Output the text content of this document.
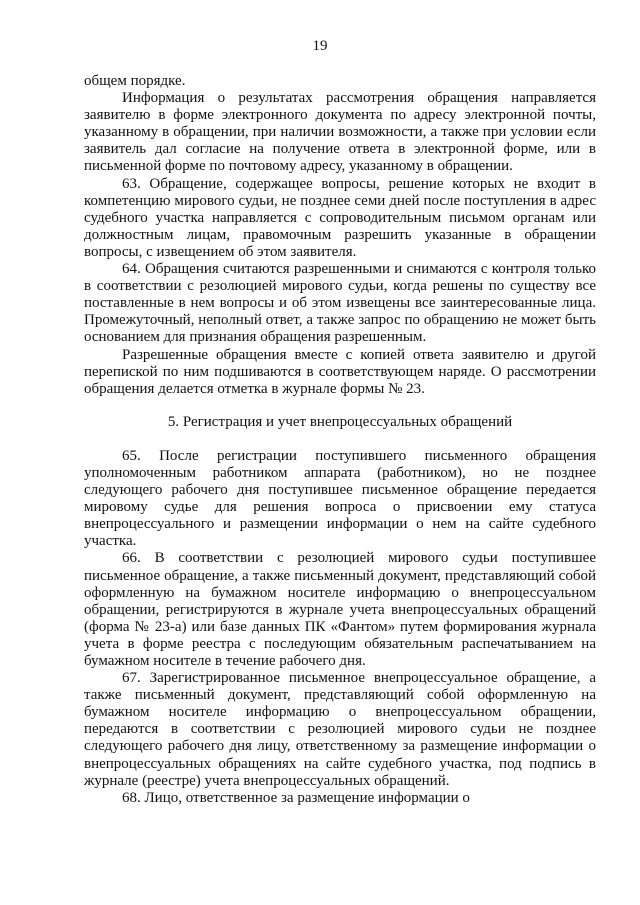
19

общем порядке.

Информация о результатах рассмотрения обращения направляется заявителю в форме электронного документа по адресу электронной почты, указанному в обращении, при наличии возможности, а также при условии если заявитель дал согласие на получение ответа в электронной форме, или в письменной форме по почтовому адресу, указанному в обращении.

63. Обращение, содержащее вопросы, решение которых не входит в компетенцию мирового судьи, не позднее семи дней после поступления в адрес судебного участка направляется с сопроводительным письмом органам или должностным лицам, правомочным разрешить указанные в обращении вопросы, с извещением об этом заявителя.

64. Обращения считаются разрешенными и снимаются с контроля только в соответствии с резолюцией мирового судьи, когда решены по существу все поставленные в нем вопросы и об этом извещены все заинтересованные лица. Промежуточный, неполный ответ, а также запрос по обращению не может быть основанием для признания обращения разрешенным.

Разрешенные обращения вместе с копией ответа заявителю и другой перепиской по ним подшиваются в соответствующем наряде. О рассмотрении обращения делается отметка в журнале формы № 23.

5. Регистрация и учет внепроцессуальных обращений

65. После регистрации поступившего письменного обращения уполномоченным работником аппарата (работником), но не позднее следующего рабочего дня поступившее письменное обращение передается мировому судье для решения вопроса о присвоении ему статуса внепроцессуального и размещении информации о нем на сайте судебного участка.

66. В соответствии с резолюцией мирового судьи поступившее письменное обращение, а также письменный документ, представляющий собой оформленную на бумажном носителе информацию о внепроцессуальном обращении, регистрируются в журнале учета внепроцессуальных обращений (форма № 23-а) или базе данных ПК «Фантом» путем формирования журнала учета в форме реестра с последующим обязательным распечатыванием на бумажном носителе в течение рабочего дня.

67. Зарегистрированное письменное внепроцессуальное обращение, а также письменный документ, представляющий собой оформленную на бумажном носителе информацию о внепроцессуальном обращении, передаются в соответствии с резолюцией мирового судьи не позднее следующего рабочего дня лицу, ответственному за размещение информации о внепроцессуальных обращениях на сайте судебного участка, под подпись в журнале (реестре) учета внепроцессуальных обращений.

68. Лицо, ответственное за размещение информации о
